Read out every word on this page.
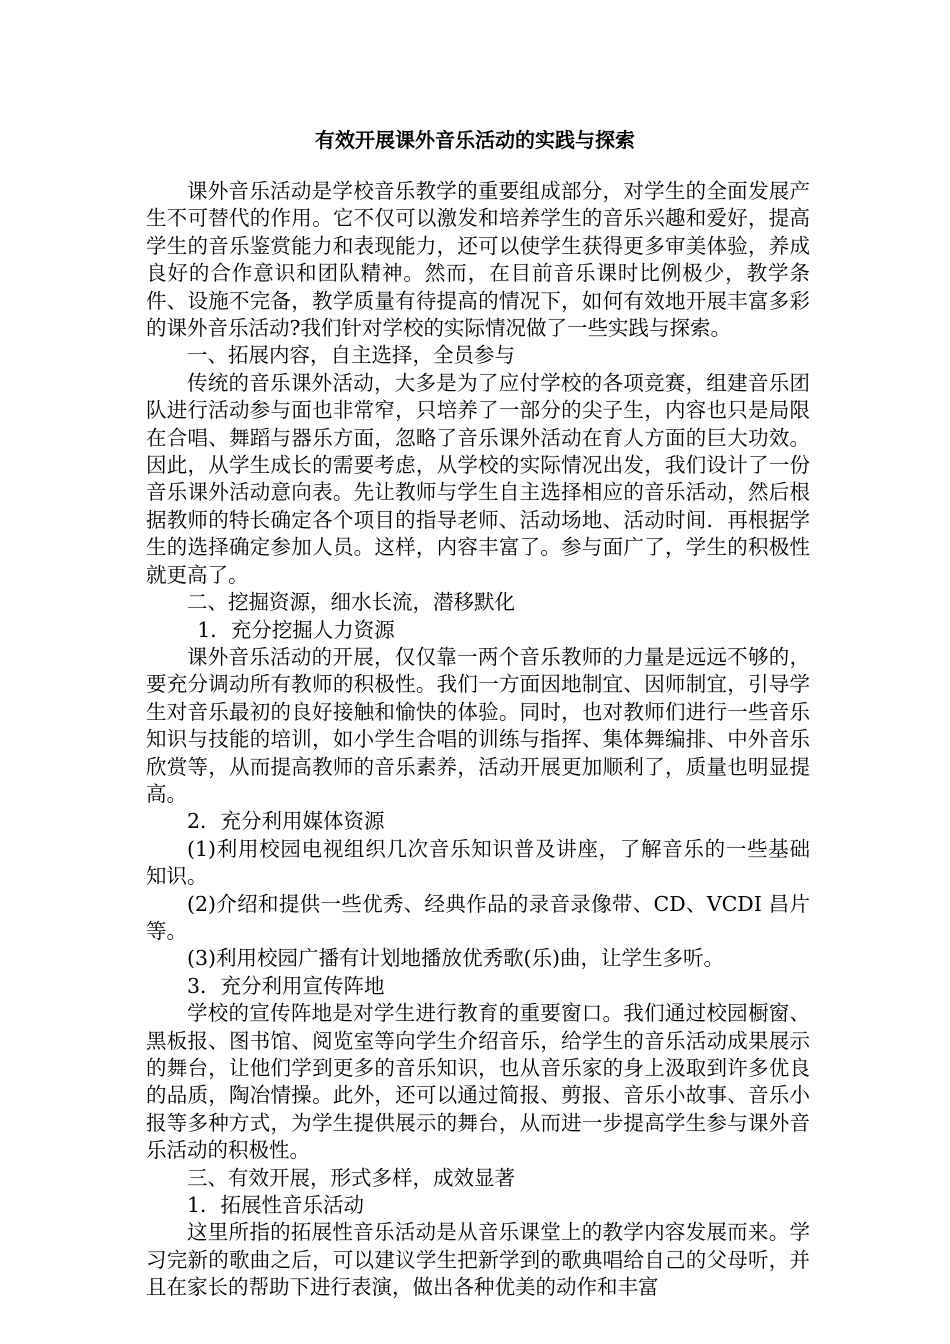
有效开展课外音乐活动的实践与探索

课外音乐活动是学校音乐教学的重要组成部分，对学生的全面发展产生不可替代的作用。它不仅可以激发和培养学生的音乐兴趣和爱好，提高学生的音乐鉴赏能力和表现能力，还可以使学生获得更多审美体验，养成良好的合作意识和团队精神。然而，在目前音乐课时比例极少，教学条件、设施不完备，教学质量有待提高的情况下，如何有效地开展丰富多彩的课外音乐活动?我们针对学校的实际情况做了一些实践与探索。

一、拓展内容，自主选择，全员参与

传统的音乐课外活动，大多是为了应付学校的各项竞赛，组建音乐团队进行活动参与面也非常窄，只培养了一部分的尖子生，内容也只是局限在合唱、舞蹈与器乐方面，忽略了音乐课外活动在育人方面的巨大功效。因此，从学生成长的需要考虑，从学校的实际情况出发，我们设计了一份音乐课外活动意向表。先让教师与学生自主选择相应的音乐活动，然后根据教师的特长确定各个项目的指导老师、活动场地、活动时间．再根据学生的选择确定参加人员。这样，内容丰富了。参与面广了，学生的积极性就更高了。

二、挖掘资源，细水长流，潜移默化

1．充分挖掘人力资源

课外音乐活动的开展，仅仅靠一两个音乐教师的力量是远远不够的，要充分调动所有教师的积极性。我们一方面因地制宜、因师制宜，引导学生对音乐最初的良好接触和愉快的体验。同时，也对教师们进行一些音乐知识与技能的培训，如小学生合唱的训练与指挥、集体舞编排、中外音乐欣赏等，从而提高教师的音乐素养，活动开展更加顺利了，质量也明显提高。

2．充分利用媒体资源

(1)利用校园电视组织几次音乐知识普及讲座，了解音乐的一些基础知识。

(2)介绍和提供一些优秀、经典作品的录音录像带、CD、VCDI 昌片等。

(3)利用校园广播有计划地播放优秀歌(乐)曲，让学生多听。

3．充分利用宣传阵地

学校的宣传阵地是对学生进行教育的重要窗口。我们通过校园橱窗、黑板报、图书馆、阅览室等向学生介绍音乐，给学生的音乐活动成果展示的舞台，让他们学到更多的音乐知识，也从音乐家的身上汲取到许多优良的品质，陶冶情操。此外，还可以通过简报、剪报、音乐小故事、音乐小报等多种方式，为学生提供展示的舞台，从而进一步提高学生参与课外音乐活动的积极性。

三、有效开展，形式多样，成效显著

1．拓展性音乐活动

这里所指的拓展性音乐活动是从音乐课堂上的教学内容发展而来。学习完新的歌曲之后，可以建议学生把新学到的歌典唱给自己的父母听，并且在家长的帮助下进行表演，做出各种优美的动作和丰富
